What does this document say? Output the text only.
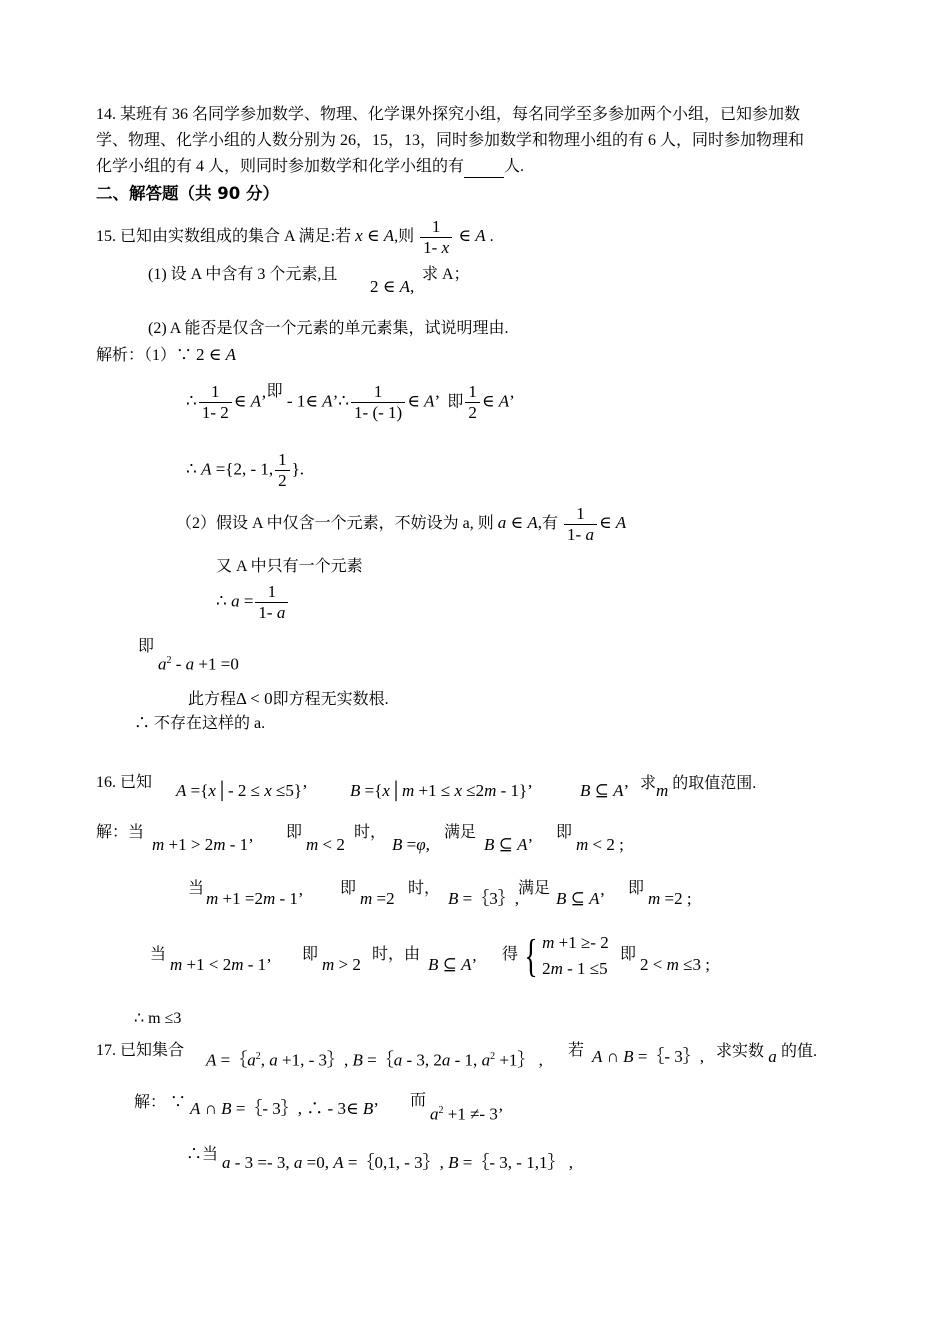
14. 某班有 36 名同学参加数学、物理、化学课外探究小组，每名同学至多参加两个小组，已知参加数
学、物理、化学小组的人数分别为 26，15，13，同时参加数学和物理小组的有 6 人，同时参加物理和
化学小组的有 4 人，则同时参加数学和化学小组的有	人.
二、解答题（共 90 分）
15. 已知由实数组成的集合 A 满足:若 x ∈ A,则 $\frac{1}{1- x}$ ∈ A .
(1) 设 A 中含有 3 个元素,且
2 ∈ A,
求 A；
(2) A 能否是仅含一个元素的单元素集，试说明理由.
解析：（1）∵ 2 ∈ A
∴ $\frac{1}{1- 2}$ ∈ A’即 - 1∈ A’∴ $\frac{1}{1- (- 1)}$ ∈ A’  即 $\frac{1}{2}$ ∈ A’
∴ A ={2, - 1, $\frac{1}{2}$ }.
（2）假设 A 中仅含一个元素，不妨设为 a, 则 a ∈ A,有 $\frac{1}{1- a}$ ∈ A
又 A 中只有一个元素
∴ $a = \frac{1}{1- a}$
即
$a^2 - a +1 =0$
此方程Δ < 0即方程无实数根.
∴ 不存在这样的 a.
16. 已知 A ={x│- 2 ≤ x ≤5}’ B ={x│m +1 ≤ x ≤2m - 1}’	B ⊆ A’ 求m 的取值范围.
解：当
m +1 > 2m - 1’
即
m < 2
时，
B =φ,
满足
B ⊆ A’
即
m < 2 ;
当
m +1 =2m - 1’
即
m =2
时，
B =｛3｝,
满足
B ⊆ A’
即
m =2 ;
当
m +1 < 2m - 1’
即
m > 2
时，由
B ⊆ A’
得 { m +1 ≥- 2
2m - 1 ≤5
即
2 < m ≤3 ;
∴ m ≤3
17. 已知集合
$A =\{a^2$, a +1, - 3｝, B =｛a - 3, 2a - 1, $a^2$ +1｝ ,
若 A ∩ B =｛- 3｝, 求实数 a 的值.
解： ∵ A ∩ B =｛- 3｝, ∴ - 3∈ B’ 而
$a^2 +1 \ne- 3$’
∴当 a - 3 =- 3, a =0, A =｛0,1, - 3｝, B =｛- 3, - 1,1｝ ,
